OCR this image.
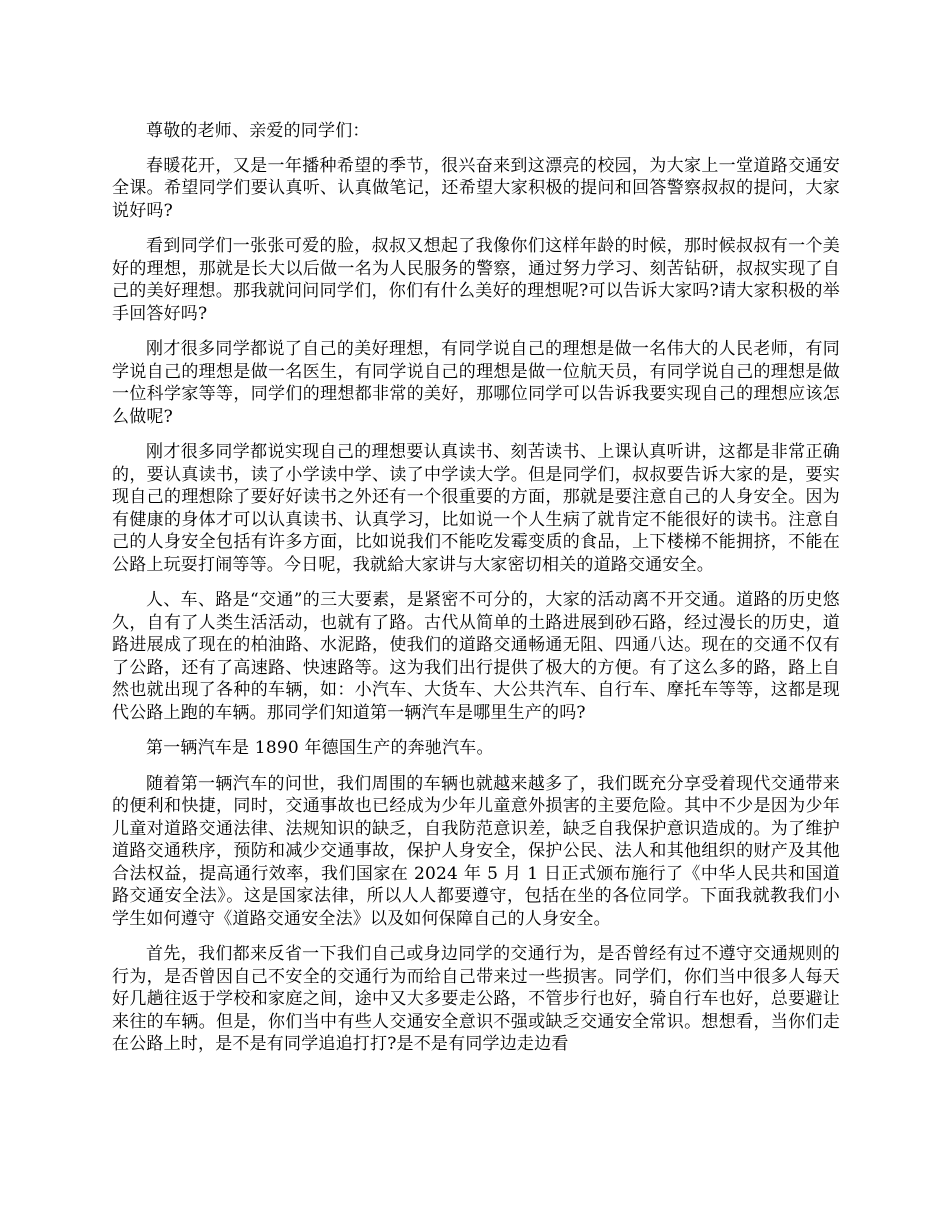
尊敬的老师、亲爱的同学们：

春暖花开，又是一年播种希望的季节，很兴奋来到这漂亮的校园，为大家上一堂道路交通安全课。希望同学们要认真听、认真做笔记，还希望大家积极的提问和回答警察叔叔的提问，大家说好吗?

看到同学们一张张可爱的脸，叔叔又想起了我像你们这样年龄的时候，那时候叔叔有一个美好的理想，那就是长大以后做一名为人民服务的警察，通过努力学习、刻苦钻研，叔叔实现了自己的美好理想。那我就问问同学们，你们有什么美好的理想呢?可以告诉大家吗?请大家积极的举手回答好吗?

刚才很多同学都说了自己的美好理想，有同学说自己的理想是做一名伟大的人民老师，有同学说自己的理想是做一名医生，有同学说自己的理想是做一位航天员，有同学说自己的理想是做一位科学家等等，同学们的理想都非常的美好，那哪位同学可以告诉我要实现自己的理想应该怎么做呢?

刚才很多同学都说实现自己的理想要认真读书、刻苦读书、上课认真听讲，这都是非常正确的，要认真读书，读了小学读中学、读了中学读大学。但是同学们，叔叔要告诉大家的是，要实现自己的理想除了要好好读书之外还有一个很重要的方面，那就是要注意自己的人身安全。因为有健康的身体才可以认真读书、认真学习，比如说一个人生病了就肯定不能很好的读书。注意自己的人身安全包括有许多方面，比如说我们不能吃发霉变质的食品，上下楼梯不能拥挤，不能在公路上玩耍打闹等等。今日呢，我就給大家讲与大家密切相关的道路交通安全。

人、车、路是“交通”的三大要素，是紧密不可分的，大家的活动离不开交通。道路的历史悠久，自有了人类生活活动，也就有了路。古代从简单的土路进展到砂石路，经过漫长的历史，道路进展成了现在的柏油路、水泥路，使我们的道路交通畅通无阻、四通八达。现在的交通不仅有了公路，还有了高速路、快速路等。这为我们出行提供了极大的方便。有了这么多的路，路上自然也就出现了各种的车辆，如：小汽车、大货车、大公共汽车、自行车、摩托车等等，这都是现代公路上跑的车辆。那同学们知道第一辆汽车是哪里生产的吗?

第一辆汽车是 1890 年德国生产的奔驰汽车。

随着第一辆汽车的问世，我们周围的车辆也就越来越多了，我们既充分享受着现代交通带来的便利和快捷，同时，交通事故也已经成为少年儿童意外损害的主要危险。其中不少是因为少年儿童对道路交通法律、法规知识的缺乏，自我防范意识差，缺乏自我保护意识造成的。为了维护道路交通秩序，预防和减少交通事故，保护人身安全，保护公民、法人和其他组织的财产及其他合法权益，提高通行效率，我们国家在 2024 年 5 月 1 日正式颁布施行了《中华人民共和国道路交通安全法》。这是国家法律，所以人人都要遵守，包括在坐的各位同学。下面我就教我们小学生如何遵守《道路交通安全法》以及如何保障自己的人身安全。

首先，我们都来反省一下我们自己或身边同学的交通行为，是否曾经有过不遵守交通规则的行为，是否曾因自己不安全的交通行为而给自己带来过一些损害。同学们，你们当中很多人每天好几趟往返于学校和家庭之间，途中又大多要走公路，不管步行也好，骑自行车也好，总要避让来往的车辆。但是，你们当中有些人交通安全意识不强或缺乏交通安全常识。想想看，当你们走在公路上时，是不是有同学追追打打?是不是有同学边走边看
